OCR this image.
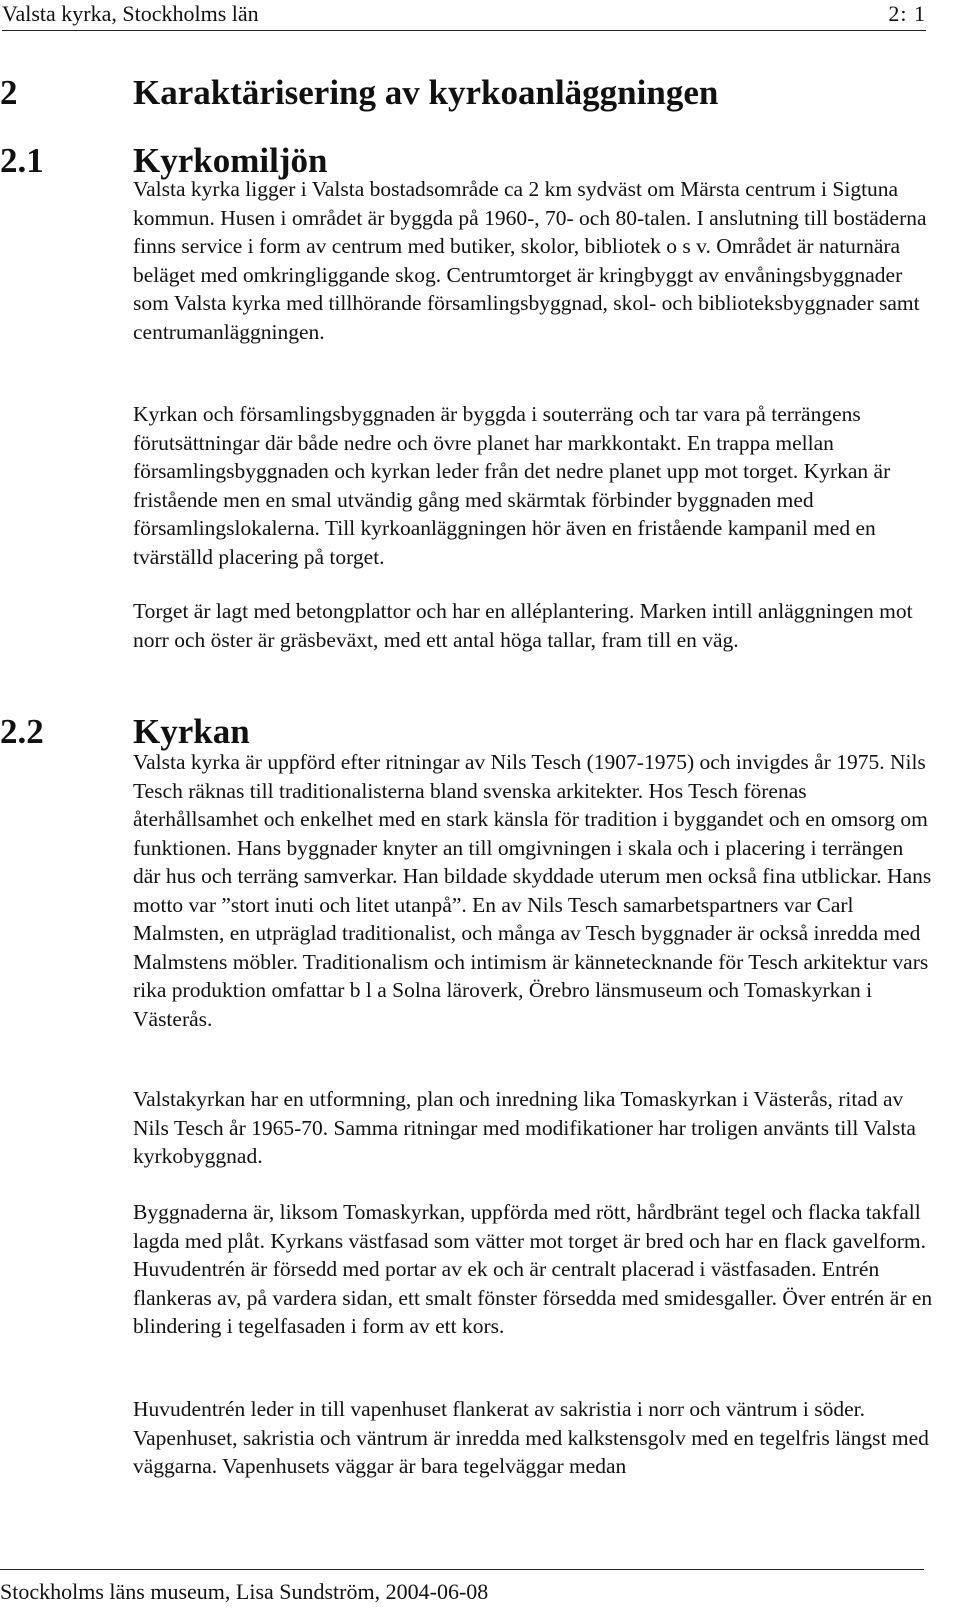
Valsta kyrka, Stockholms län	2: 1
2	Karaktärisering av kyrkoanläggningen
2.1	Kyrkomiljön
Valsta kyrka ligger i Valsta bostadsområde ca 2 km sydväst om Märsta centrum i Sigtuna kommun. Husen i området är byggda på 1960-, 70- och 80-talen. I anslutning till bostäderna finns service i form av centrum med butiker, skolor, bibliotek o s v. Området är naturnära beläget med omkringliggande skog. Centrumtorget är kringbyggt av envåningsbyggnader som Valsta kyrka med tillhörande församlingsbyggnad, skol- och biblioteksbyggnader samt centrumanläggningen.
Kyrkan och församlingsbyggnaden är byggda i souterräng och tar vara på terrängens förutsättningar där både nedre och övre planet har markkontakt. En trappa mellan församlingsbyggnaden och kyrkan leder från det nedre planet upp mot torget. Kyrkan är fristående men en smal utvändig gång med skärmtak förbinder byggnaden med församlingslokalerna. Till kyrkoanläggningen hör även en fristående kampanil med en tvärställd placering på torget.
Torget är lagt med betongplattor och har en alléplantering. Marken intill anläggningen mot norr och öster är gräsbeväxt, med ett antal höga tallar, fram till en väg.
2.2	Kyrkan
Valsta kyrka är uppförd efter ritningar av Nils Tesch (1907-1975) och invigdes år 1975. Nils Tesch räknas till traditionalisterna bland svenska arkitekter. Hos Tesch förenas återhållsamhet och enkelhet med en stark känsla för tradition i byggandet och en omsorg om funktionen. Hans byggnader knyter an till omgivningen i skala och i placering i terrängen där hus och terräng samverkar. Han bildade skyddade uterum men också fina utblickar. Hans motto var ”stort inuti och litet utanpå”. En av Nils Tesch samarbetspartners var Carl Malmsten, en utpräglad traditionalist, och många av Tesch byggnader är också inredda med Malmstens möbler. Traditionalism och intimism är kännetecknande för Tesch arkitektur vars rika produktion omfattar b l a Solna läroverk, Örebro länsmuseum och Tomaskyrkan i Västerås.
Valstakyrkan har en utformning, plan och inredning lika Tomaskyrkan i Västerås, ritad av Nils Tesch år 1965-70. Samma ritningar med modifikationer har troligen använts till Valsta kyrkobyggnad.
Byggnaderna är, liksom Tomaskyrkan, uppförda med rött, hårdbränt tegel och flacka takfall lagda med plåt. Kyrkans västfasad som vätter mot torget är bred och har en flack gavelform. Huvudentrén är försedd med portar av ek och är centralt placerad i västfasaden. Entrén flankeras av, på vardera sidan, ett smalt fönster försedda med smidesgaller. Över entrén är en blindering i tegelfasaden i form av ett kors.
Huvudentrén leder in till vapenhuset flankerat av sakristia i norr och väntrum i söder. Vapenhuset, sakristia och väntrum är inredda med kalkstensgolv med en tegelfris längst med väggarna. Vapenhusets väggar är bara tegelväggar medan
Stockholms läns museum, Lisa Sundström, 2004-06-08
